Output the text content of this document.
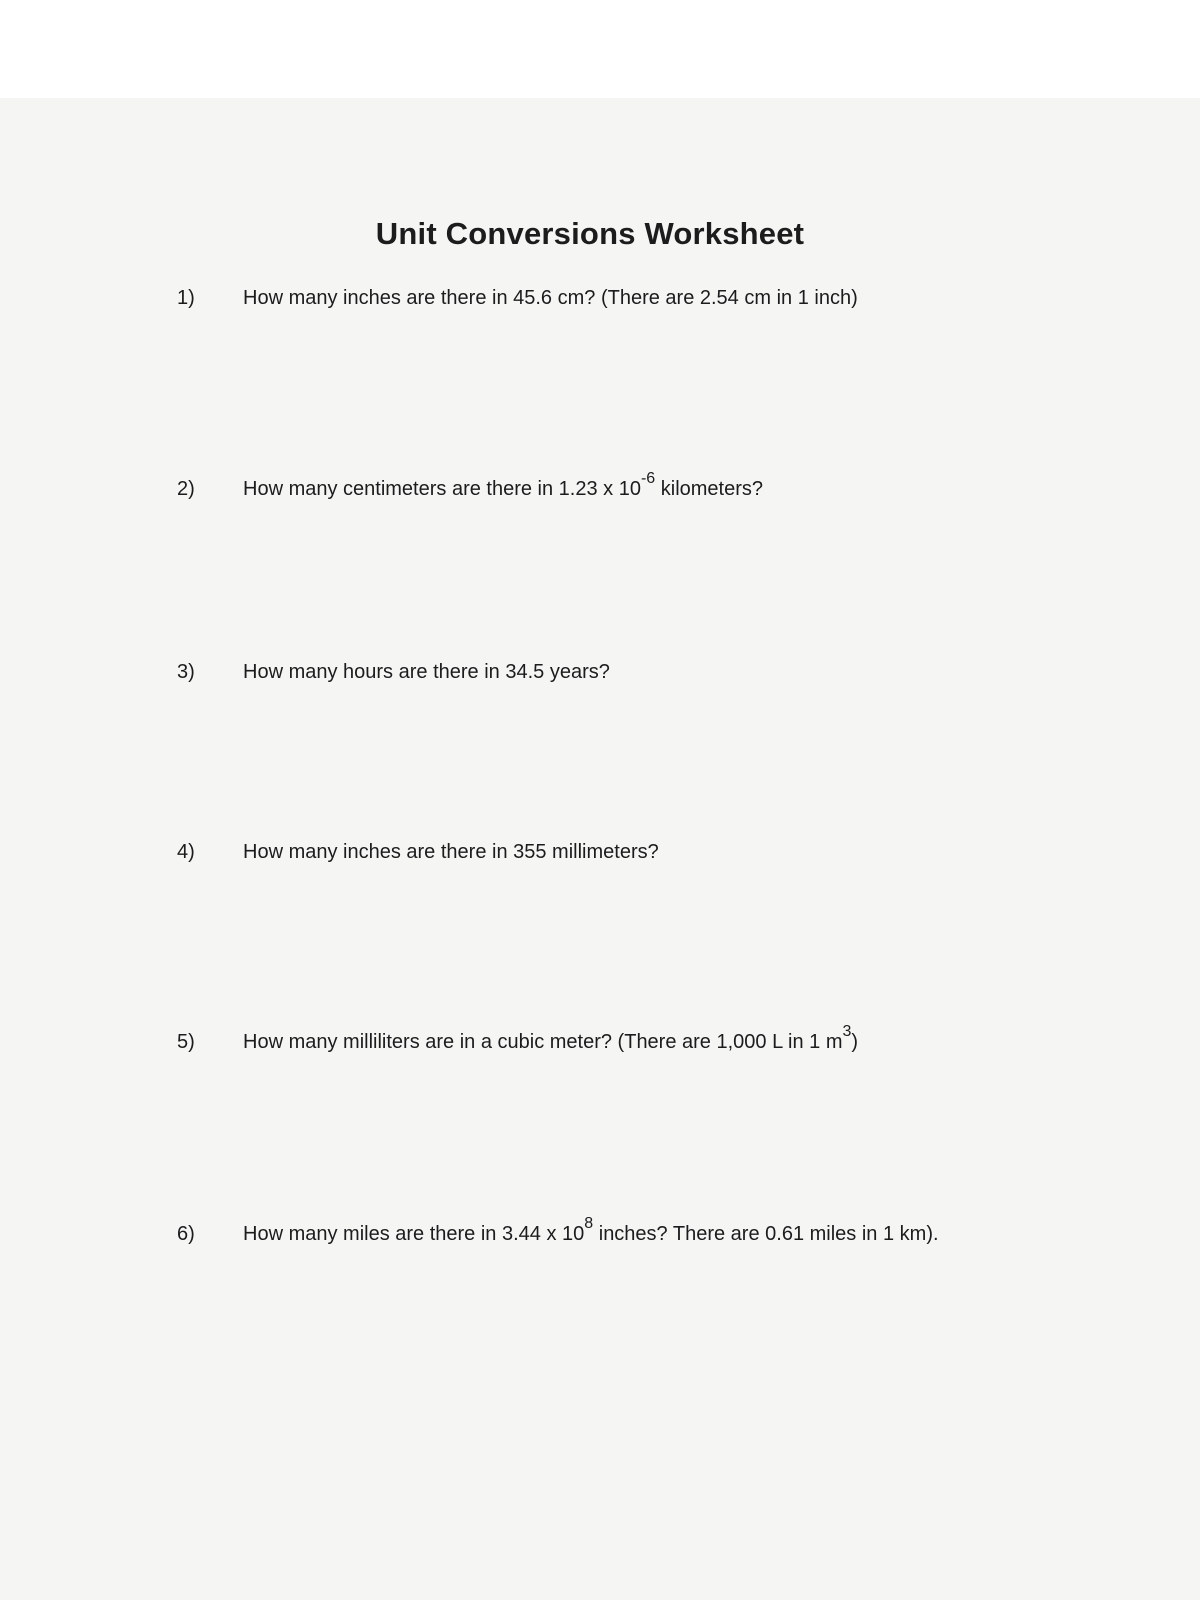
Unit Conversions Worksheet
1)	How many inches are there in 45.6 cm? (There are 2.54 cm in 1 inch)
2)	How many centimeters are there in 1.23 x $10^{-6}$ kilometers?
3)	How many hours are there in 34.5 years?
4)	How many inches are there in 355 millimeters?
5)	How many milliliters are in a cubic meter? (There are 1,000 L in 1 $m^3$)
6)	How many miles are there in 3.44 x $10^8$ inches? There are 0.61 miles in 1 km).
